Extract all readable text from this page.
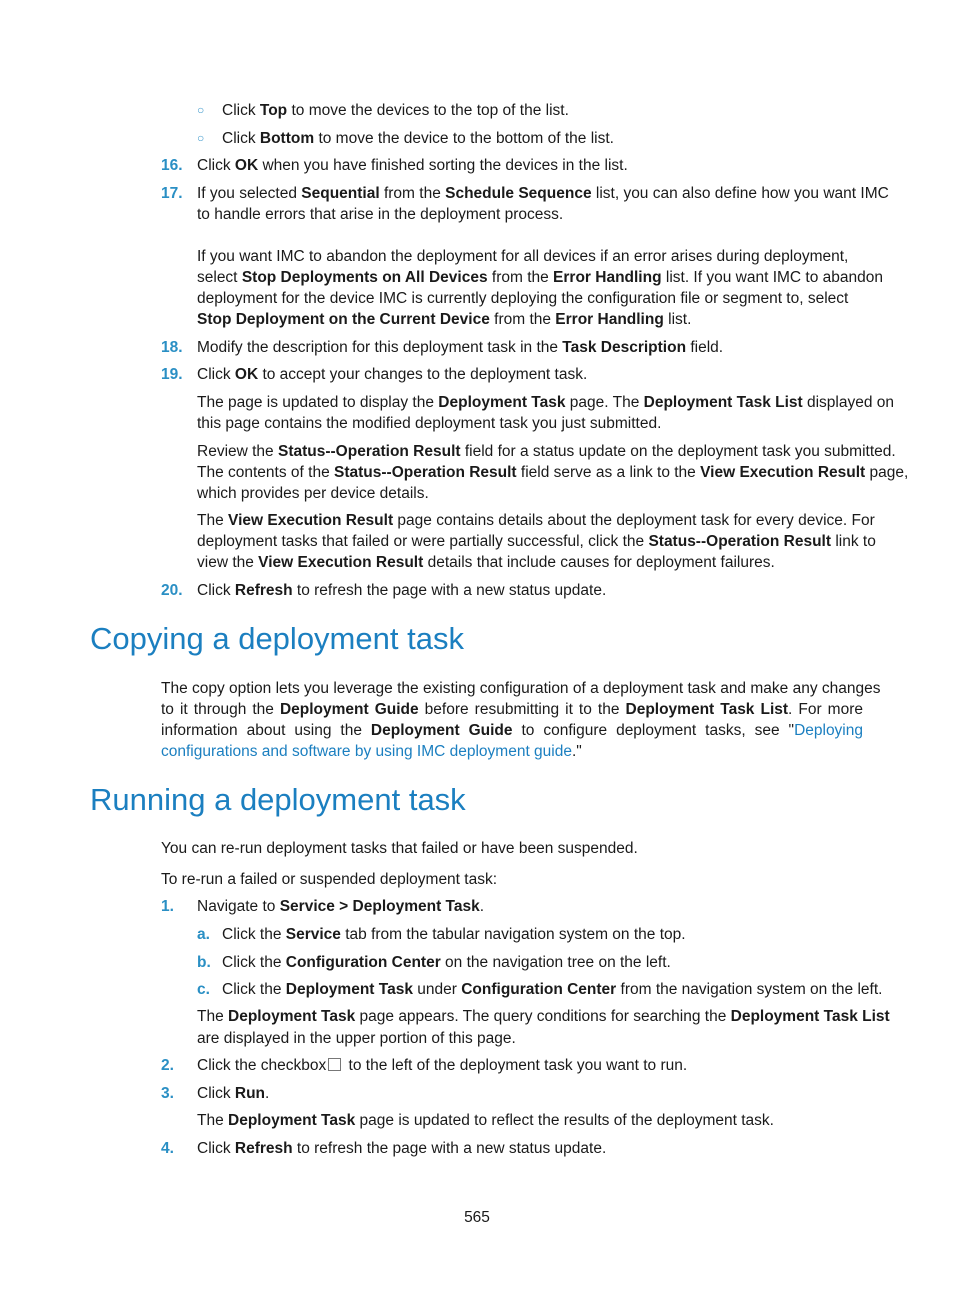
○ Click Top to move the devices to the top of the list.
○ Click Bottom to move the device to the bottom of the list.
16. Click OK when you have finished sorting the devices in the list.
17. If you selected Sequential from the Schedule Sequence list, you can also define how you want IMC
to handle errors that arise in the deployment process.
If you want IMC to abandon the deployment for all devices if an error arises during deployment,
select Stop Deployments on All Devices from the Error Handling list. If you want IMC to abandon
deployment for the device IMC is currently deploying the configuration file or segment to, select
Stop Deployment on the Current Device from the Error Handling list.
18. Modify the description for this deployment task in the Task Description field.
19. Click OK to accept your changes to the deployment task.
The page is updated to display the Deployment Task page. The Deployment Task List displayed on
this page contains the modified deployment task you just submitted.
Review the Status--Operation Result field for a status update on the deployment task you submitted.
The contents of the Status--Operation Result field serve as a link to the View Execution Result page,
which provides per device details.
The View Execution Result page contains details about the deployment task for every device. For
deployment tasks that failed or were partially successful, click the Status--Operation Result link to
view the View Execution Result details that include causes for deployment failures.
20. Click Refresh to refresh the page with a new status update.
Copying a deployment task
The copy option lets you leverage the existing configuration of a deployment task and make any changes
to it through the Deployment Guide before resubmitting it to the Deployment Task List. For more
information about using the Deployment Guide to configure deployment tasks, see "Deploying
configurations and software by using IMC deployment guide."
Running a deployment task
You can re-run deployment tasks that failed or have been suspended.
To re-run a failed or suspended deployment task:
1. Navigate to Service > Deployment Task.
a. Click the Service tab from the tabular navigation system on the top.
b. Click the Configuration Center on the navigation tree on the left.
c. Click the Deployment Task under Configuration Center from the navigation system on the left.
The Deployment Task page appears. The query conditions for searching the Deployment Task List
are displayed in the upper portion of this page.
2. Click the checkbox to the left of the deployment task you want to run.
3. Click Run.
The Deployment Task page is updated to reflect the results of the deployment task.
4. Click Refresh to refresh the page with a new status update.
565
